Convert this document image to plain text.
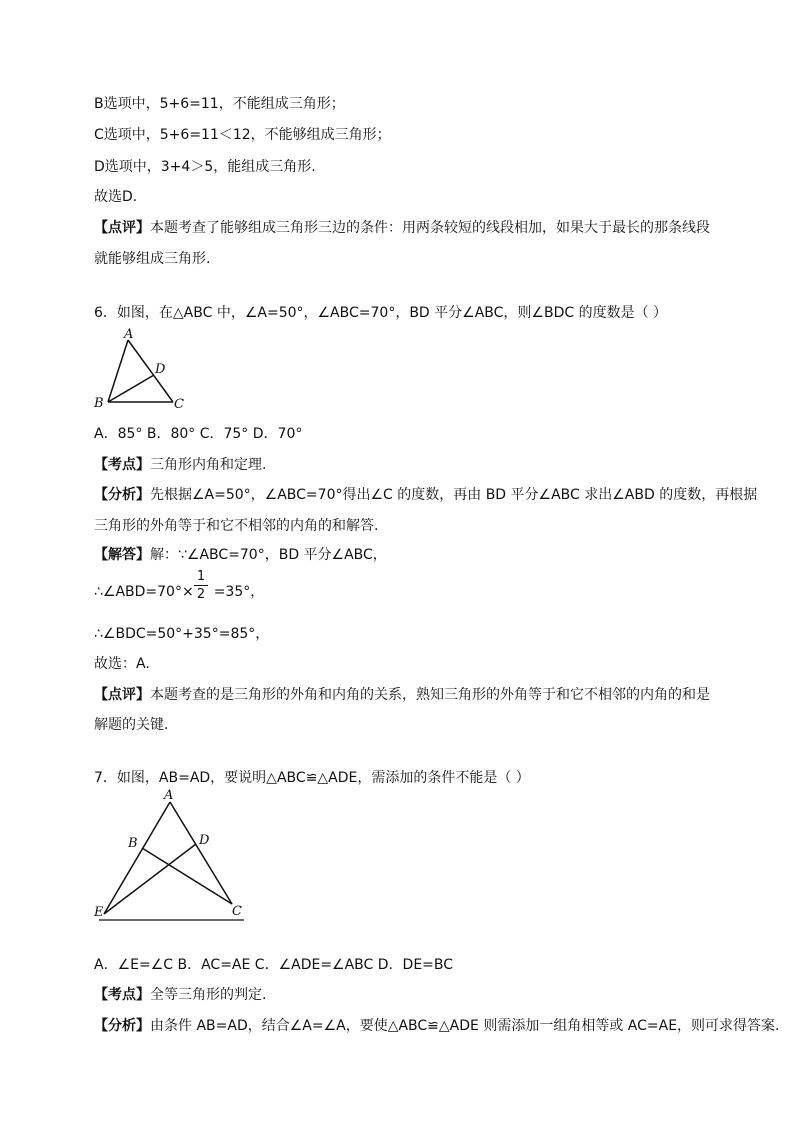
B选项中，5+6=11，不能组成三角形；

C选项中，5+6=11＜12，不能够组成三角形；

D选项中，3+4＞5，能组成三角形.

故选D.

【点评】本题考查了能够组成三角形三边的条件：用两条较短的线段相加，如果大于最长的那条线段

就能够组成三角形.

6．如图，在△ABC 中，∠A=50°，∠ABC=70°，BD 平分∠ABC，则∠BDC 的度数是（ ）

A
B	C
D

A．85° B．80° C．75° D．70°

【考点】三角形内角和定理.

【分析】先根据∠A=50°，∠ABC=70°得出∠C 的度数，再由 BD 平分∠ABC 求出∠ABD 的度数，再根据

三角形的外角等于和它不相邻的内角的和解答.

【解答】解：∵∠ABC=70°，BD 平分∠ABC，

∴∠ABD=70°× =35°，

1
2

∴∠BDC=50°+35°=85°，

故选：A.

【点评】本题考查的是三角形的外角和内角的关系，熟知三角形的外角等于和它不相邻的内角的和是

解题的关键.

7．如图，AB=AD，要说明△ABC≌△ADE，需添加的条件不能是（ ）

A
B	D
E	C

A．∠E=∠C B．AC=AE C．∠ADE=∠ABC D．DE=BC

【考点】全等三角形的判定.

【分析】由条件 AB=AD，结合∠A=∠A，要使△ABC≌△ADE 则需添加一组角相等或 AC=AE，则可求得答案.
